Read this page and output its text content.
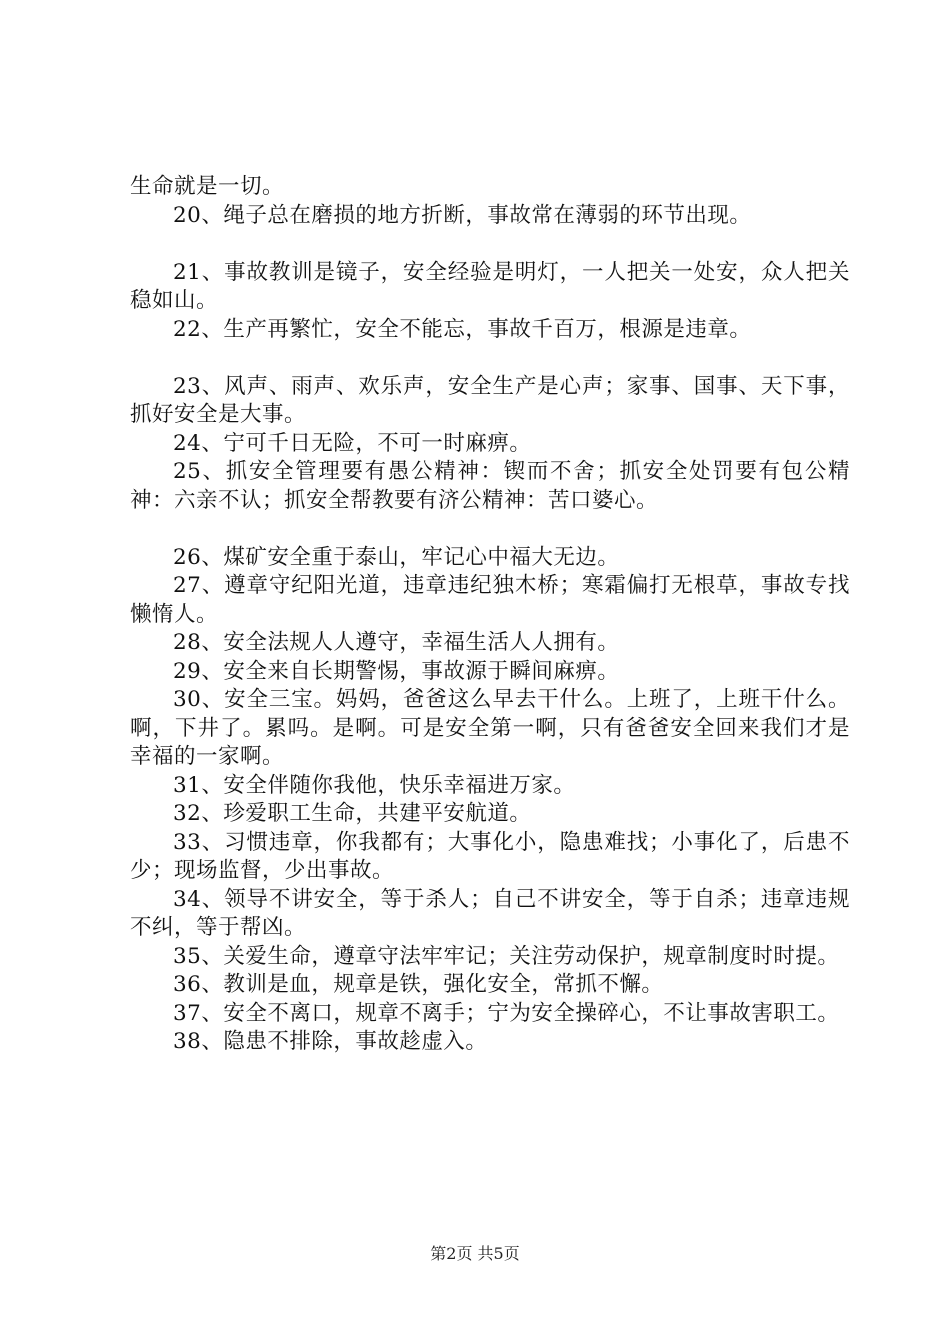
生命就是一切。

20、绳子总在磨损的地方折断，事故常在薄弱的环节出现。

21、事故教训是镜子，安全经验是明灯，一人把关一处安，众人把关稳如山。

22、生产再繁忙，安全不能忘，事故千百万，根源是违章。

23、风声、雨声、欢乐声，安全生产是心声；家事、国事、天下事，抓好安全是大事。

24、宁可千日无险，不可一时麻痹。

25、抓安全管理要有愚公精神：锲而不舍；抓安全处罚要有包公精神：六亲不认；抓安全帮教要有济公精神：苦口婆心。

26、煤矿安全重于泰山，牢记心中福大无边。

27、遵章守纪阳光道，违章违纪独木桥；寒霜偏打无根草，事故专找懒惰人。

28、安全法规人人遵守，幸福生活人人拥有。

29、安全来自长期警惕，事故源于瞬间麻痹。

30、安全三宝。妈妈，爸爸这么早去干什么。上班了，上班干什么。啊，下井了。累吗。是啊。可是安全第一啊，只有爸爸安全回来我们才是幸福的一家啊。

31、安全伴随你我他，快乐幸福进万家。

32、珍爱职工生命，共建平安航道。

33、习惯违章，你我都有；大事化小，隐患难找；小事化了，后患不少；现场监督，少出事故。

34、领导不讲安全，等于杀人；自己不讲安全，等于自杀；违章违规不纠，等于帮凶。

35、关爱生命，遵章守法牢牢记；关注劳动保护，规章制度时时提。

36、教训是血，规章是铁，强化安全，常抓不懈。

37、安全不离口，规章不离手；宁为安全操碎心，不让事故害职工。

38、隐患不排除，事故趁虚入。

第2页 共5页
